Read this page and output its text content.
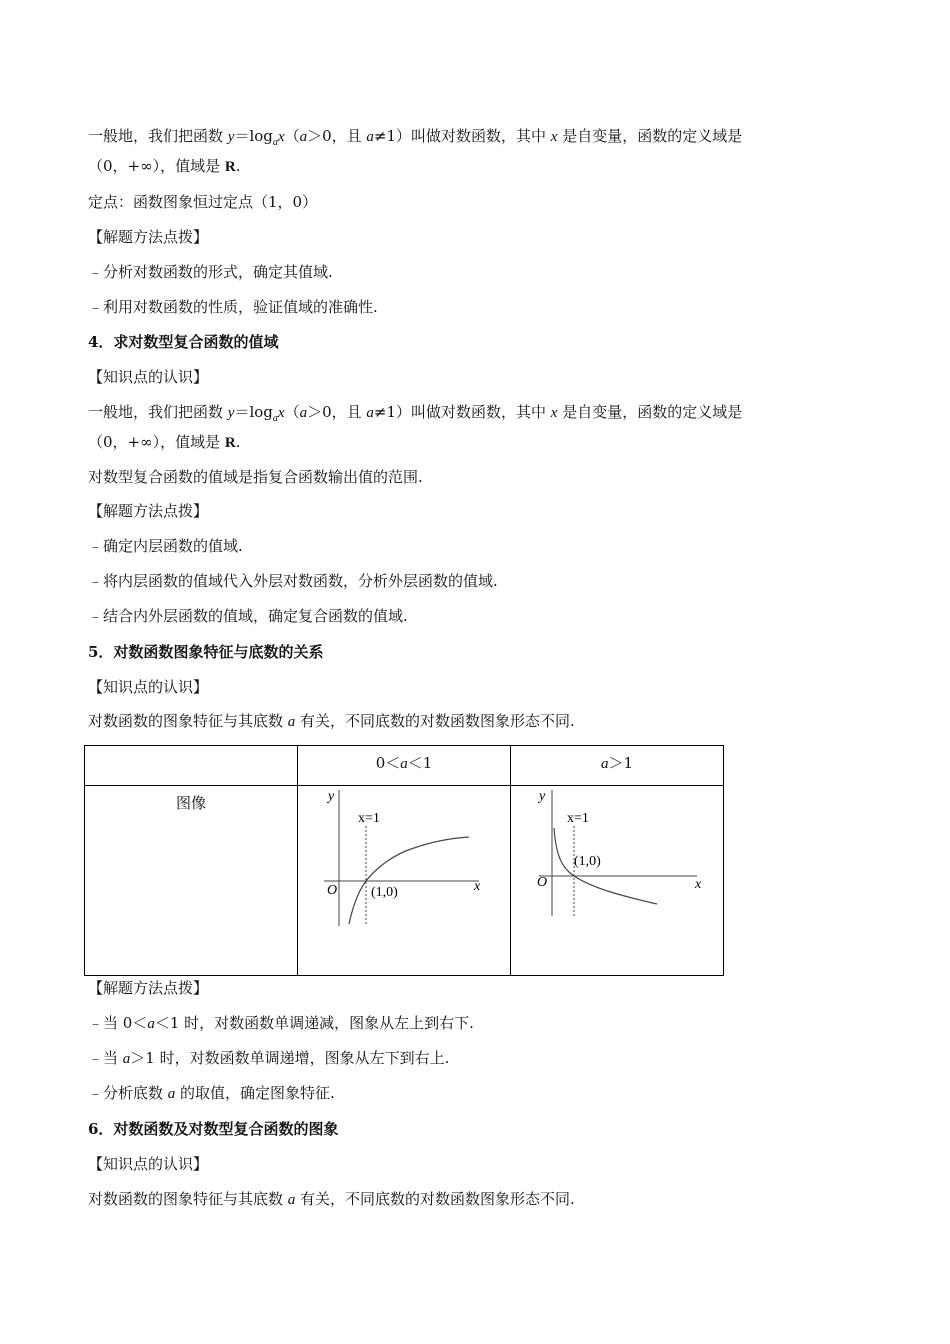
一般地，我们把函数 $y=\log_ax(a>0$，且 a≠1）叫做对数函数，其中 x 是自变量，函数的定义域是
（0，+∞），值域是 R.
定点：函数图象恒过定点（1，0）
【解题方法点拨】
﹣分析对数函数的形式，确定其值域.
﹣利用对数函数的性质，验证值域的准确性.
4．求对数型复合函数的值域
【知识点的认识】
一般地，我们把函数 $y=\log_ax(a>0$，且 a≠1）叫做对数函数，其中 x 是自变量，函数的定义域是
（0，+∞），值域是 R.
对数型复合函数的值域是指复合函数输出值的范围.
【解题方法点拨】
﹣确定内层函数的值域.
﹣将内层函数的值域代入外层对数函数，分析外层函数的值域.
﹣结合内外层函数的值域，确定复合函数的值域.
5．对数函数图象特征与底数的关系
【知识点的认识】
对数函数的图象特征与其底数 a 有关，不同底数的对数函数图象形态不同.
	0＜a＜1	a＞1
图像	y
x
O
x=1
(1,0)	y
x
O
x=1
(1,0)
【解题方法点拨】
﹣当 0＜a＜1 时，对数函数单调递减，图象从左上到右下.
﹣当 a＞1 时，对数函数单调递增，图象从左下到右上.
﹣分析底数 a 的取值，确定图象特征.
6．对数函数及对数型复合函数的图象
【知识点的认识】
对数函数的图象特征与其底数 a 有关，不同底数的对数函数图象形态不同.
